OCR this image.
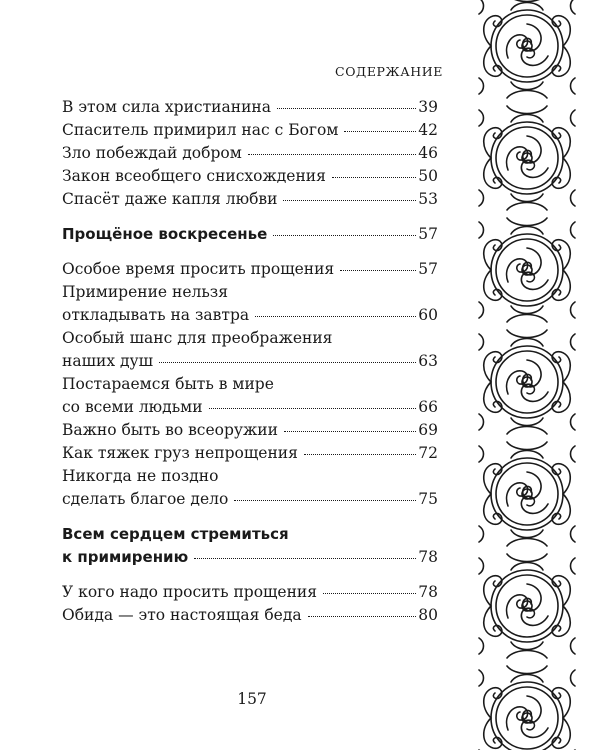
СОДЕРЖАНИЕ
В этом сила христианина	39
Спаситель примирил нас с Богом	42
Зло побеждай добром	46
Закон всеобщего снисхождения	50
Спасёт даже капля любви	53
Прощёное воскресенье	57
Особое время просить прощения	57
Примирение нельзя
откладывать на завтра	60
Особый шанс для преображения
наших душ	63
Постараемся быть в мире
со всеми людьми	66
Важно быть во всеоружии	69
Как тяжек груз непрощения	72
Никогда не поздно
сделать благое дело	75
Всем сердцем стремиться
к примирению	78
У кого надо просить прощения	78
Обида — это настоящая беда	80
157
